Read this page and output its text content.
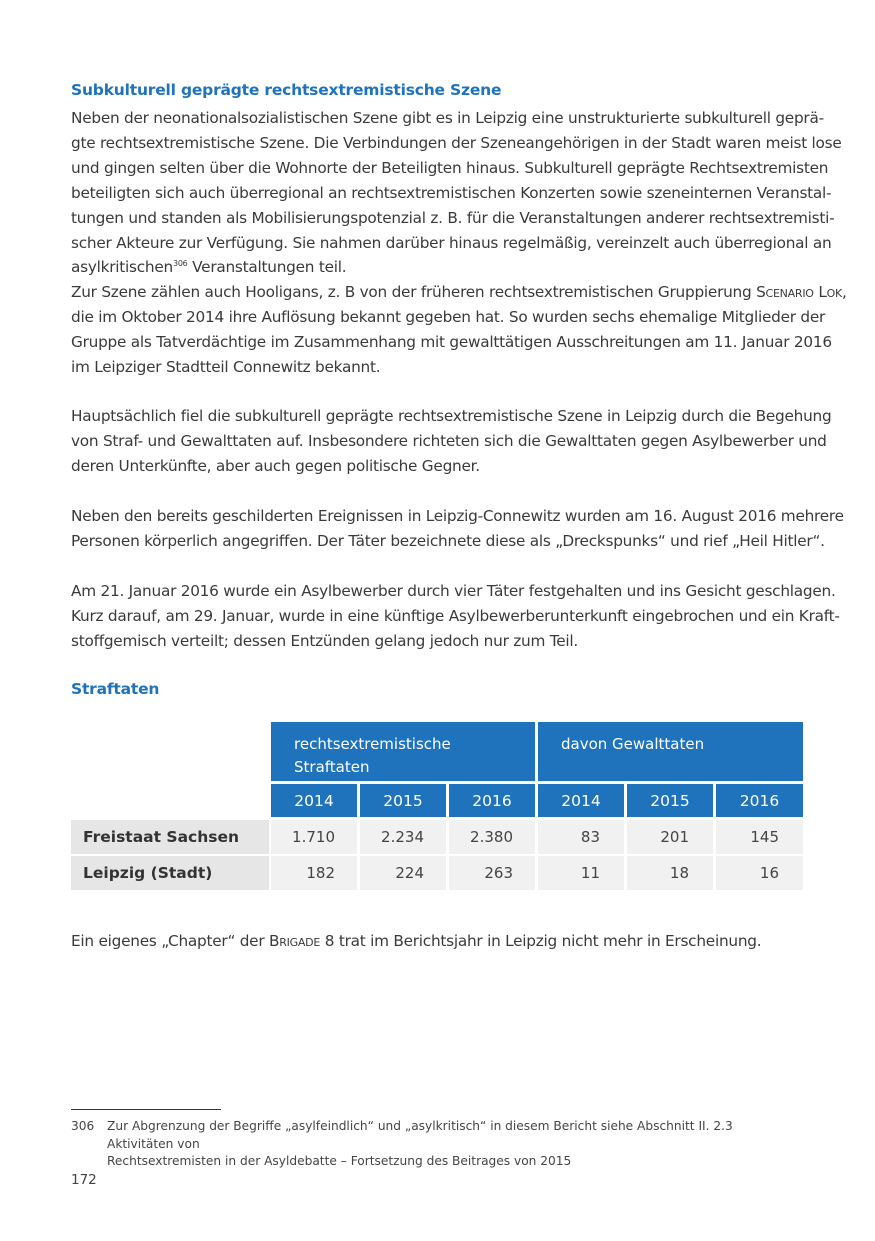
Subkulturell geprägte rechtsextremistische Szene
Neben der neonationalsozialistischen Szene gibt es in Leipzig eine unstrukturierte subkulturell geprä-
gte rechtsextremistische Szene. Die Verbindungen der Szeneangehörigen in der Stadt waren meist lose
und gingen selten über die Wohnorte der Beteiligten hinaus. Subkulturell geprägte Rechtsextremisten
beteiligten sich auch überregional an rechtsextremistischen Konzerten sowie szeneinternen Veranstal-
tungen und standen als Mobilisierungspotenzial z. B. für die Veranstaltungen anderer rechtsextremisti-
scher Akteure zur Verfügung. Sie nahmen darüber hinaus regelmäßig, vereinzelt auch überregional an
asylkritischen$^{306}$ Veranstaltungen teil.
Zur Szene zählen auch Hooligans, z. B von der früheren rechtsextremistischen Gruppierung Scenario Lok,
die im Oktober 2014 ihre Auflösung bekannt gegeben hat. So wurden sechs ehemalige Mitglieder der
Gruppe als Tatverdächtige im Zusammenhang mit gewalttätigen Ausschreitungen am 11. Januar 2016
im Leipziger Stadtteil Connewitz bekannt.
Hauptsächlich fiel die subkulturell geprägte rechtsextremistische Szene in Leipzig durch die Begehung
von Straf- und Gewalttaten auf. Insbesondere richteten sich die Gewalttaten gegen Asylbewerber und
deren Unterkünfte, aber auch gegen politische Gegner.
Neben den bereits geschilderten Ereignissen in Leipzig-Connewitz wurden am 16. August 2016 mehrere
Personen körperlich angegriffen. Der Täter bezeichnete diese als „Dreckspunks“ und rief „Heil Hitler“.
Am 21. Januar 2016 wurde ein Asylbewerber durch vier Täter festgehalten und ins Gesicht geschlagen.
Kurz darauf, am 29. Januar, wurde in eine künftige Asylbewerberunterkunft eingebrochen und ein Kraft-
stoffgemisch verteilt; dessen Entzünden gelang jedoch nur zum Teil.
Straftaten
rechtsextremistische
Straftaten
davon Gewalttaten
2014	2015	2016	2014	2015	2016
Freistaat Sachsen	1.710	2.234	2.380	83	201	145
Leipzig (Stadt)	182	224	263	11	18	16
Ein eigenes „Chapter“ der Brigade 8 trat im Berichtsjahr in Leipzig nicht mehr in Erscheinung.
306 Zur Abgrenzung der Begriffe „asylfeindlich“ und „asylkritisch“ in diesem Bericht siehe Abschnitt II. 2.3 Aktivitäten von
Rechtsextremisten in der Asyldebatte – Fortsetzung des Beitrages von 2015
172
